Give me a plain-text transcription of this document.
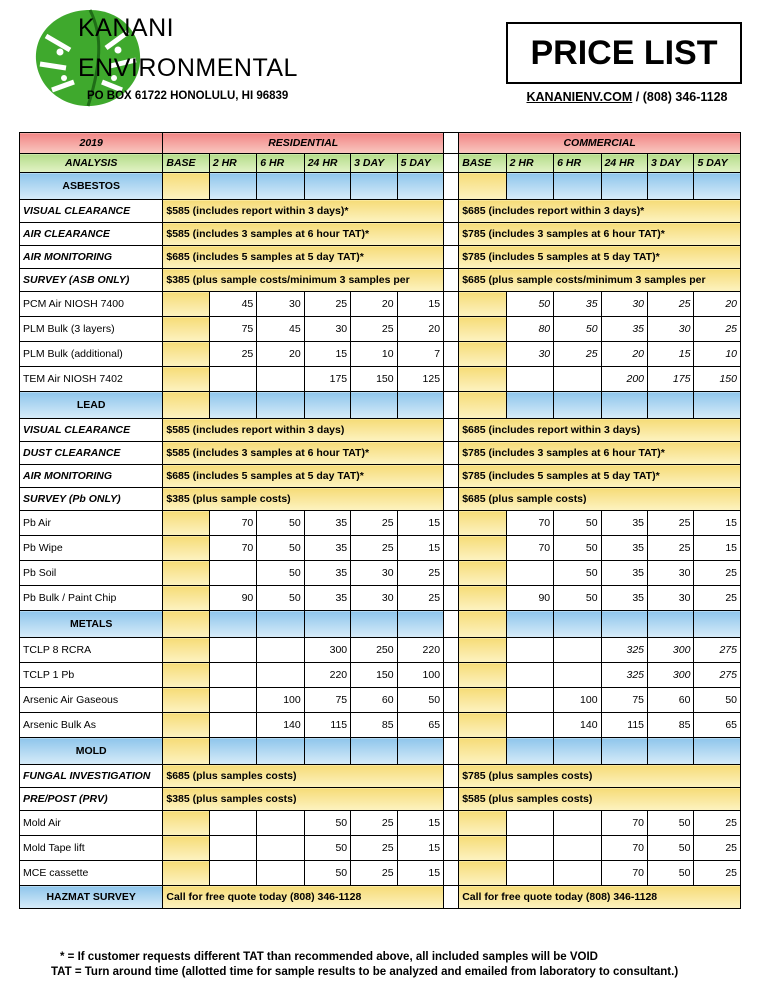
KANANI
ENVIRONMENTAL
PO BOX 61722 HONOLULU, HI 96839
PRICE LIST
KANANIENV.COM / (808) 346-1128
2019	RESIDENTIAL							COMMERCIAL					
ANALYSIS	BASE	2 HR	6 HR	24 HR	3 DAY	5 DAY		BASE	2 HR	6 HR	24 HR	3 DAY	5 DAY
ASBESTOS													
VISUAL CLEARANCE	$585 (includes report within 3 days)*							$685 (includes report within 3 days)*					
AIR CLEARANCE	$585 (includes 3 samples at 6 hour TAT)*							$785 (includes 3 samples at 6 hour TAT)*					
AIR MONITORING	$685 (includes 5 samples at 5 day TAT)*							$785 (includes 5 samples at 5 day TAT)*					
SURVEY (ASB ONLY)	$385 (plus sample costs/minimum 3 samples per							$685 (plus sample costs/minimum 3 samples per					
PCM Air NIOSH 7400		45	30	25	20	15			50	35	30	25	20
PLM Bulk (3 layers)		75	45	30	25	20			80	50	35	30	25
PLM Bulk (additional)		25	20	15	10	7			30	25	20	15	10
TEM Air NIOSH 7402				175	150	125					200	175	150
LEAD													
VISUAL CLEARANCE	$585 (includes report within 3 days)							$685 (includes report within 3 days)					
DUST CLEARANCE	$585 (includes 3 samples at 6 hour TAT)*							$785 (includes 3 samples at 6 hour TAT)*					
AIR MONITORING	$685 (includes 5 samples at 5 day TAT)*							$785 (includes 5 samples at 5 day TAT)*					
SURVEY (Pb ONLY)	$385 (plus sample costs)							$685 (plus sample costs)					
Pb Air		70	50	35	25	15			70	50	35	25	15
Pb Wipe		70	50	35	25	15			70	50	35	25	15
Pb Soil			50	35	30	25				50	35	30	25
Pb Bulk / Paint Chip		90	50	35	30	25			90	50	35	30	25
METALS													
TCLP 8 RCRA				300	250	220					325	300	275
TCLP 1 Pb				220	150	100					325	300	275
Arsenic Air Gaseous			100	75	60	50				100	75	60	50
Arsenic Bulk As			140	115	85	65				140	115	85	65
MOLD													
FUNGAL INVESTIGATION	$685 (plus samples costs)							$785 (plus samples costs)					
PRE/POST (PRV)	$385 (plus samples costs)							$585 (plus samples costs)					
Mold Air				50	25	15					70	50	25
Mold Tape lift				50	25	15					70	50	25
MCE cassette				50	25	15					70	50	25
HAZMAT SURVEY	Call for free quote today (808) 346-1128							Call for free quote today (808) 346-1128					
* = If customer requests different TAT than recommended above, all included samples will be VOID
TAT = Turn around time (allotted time for sample results to be analyzed and emailed from laboratory to consultant.)
